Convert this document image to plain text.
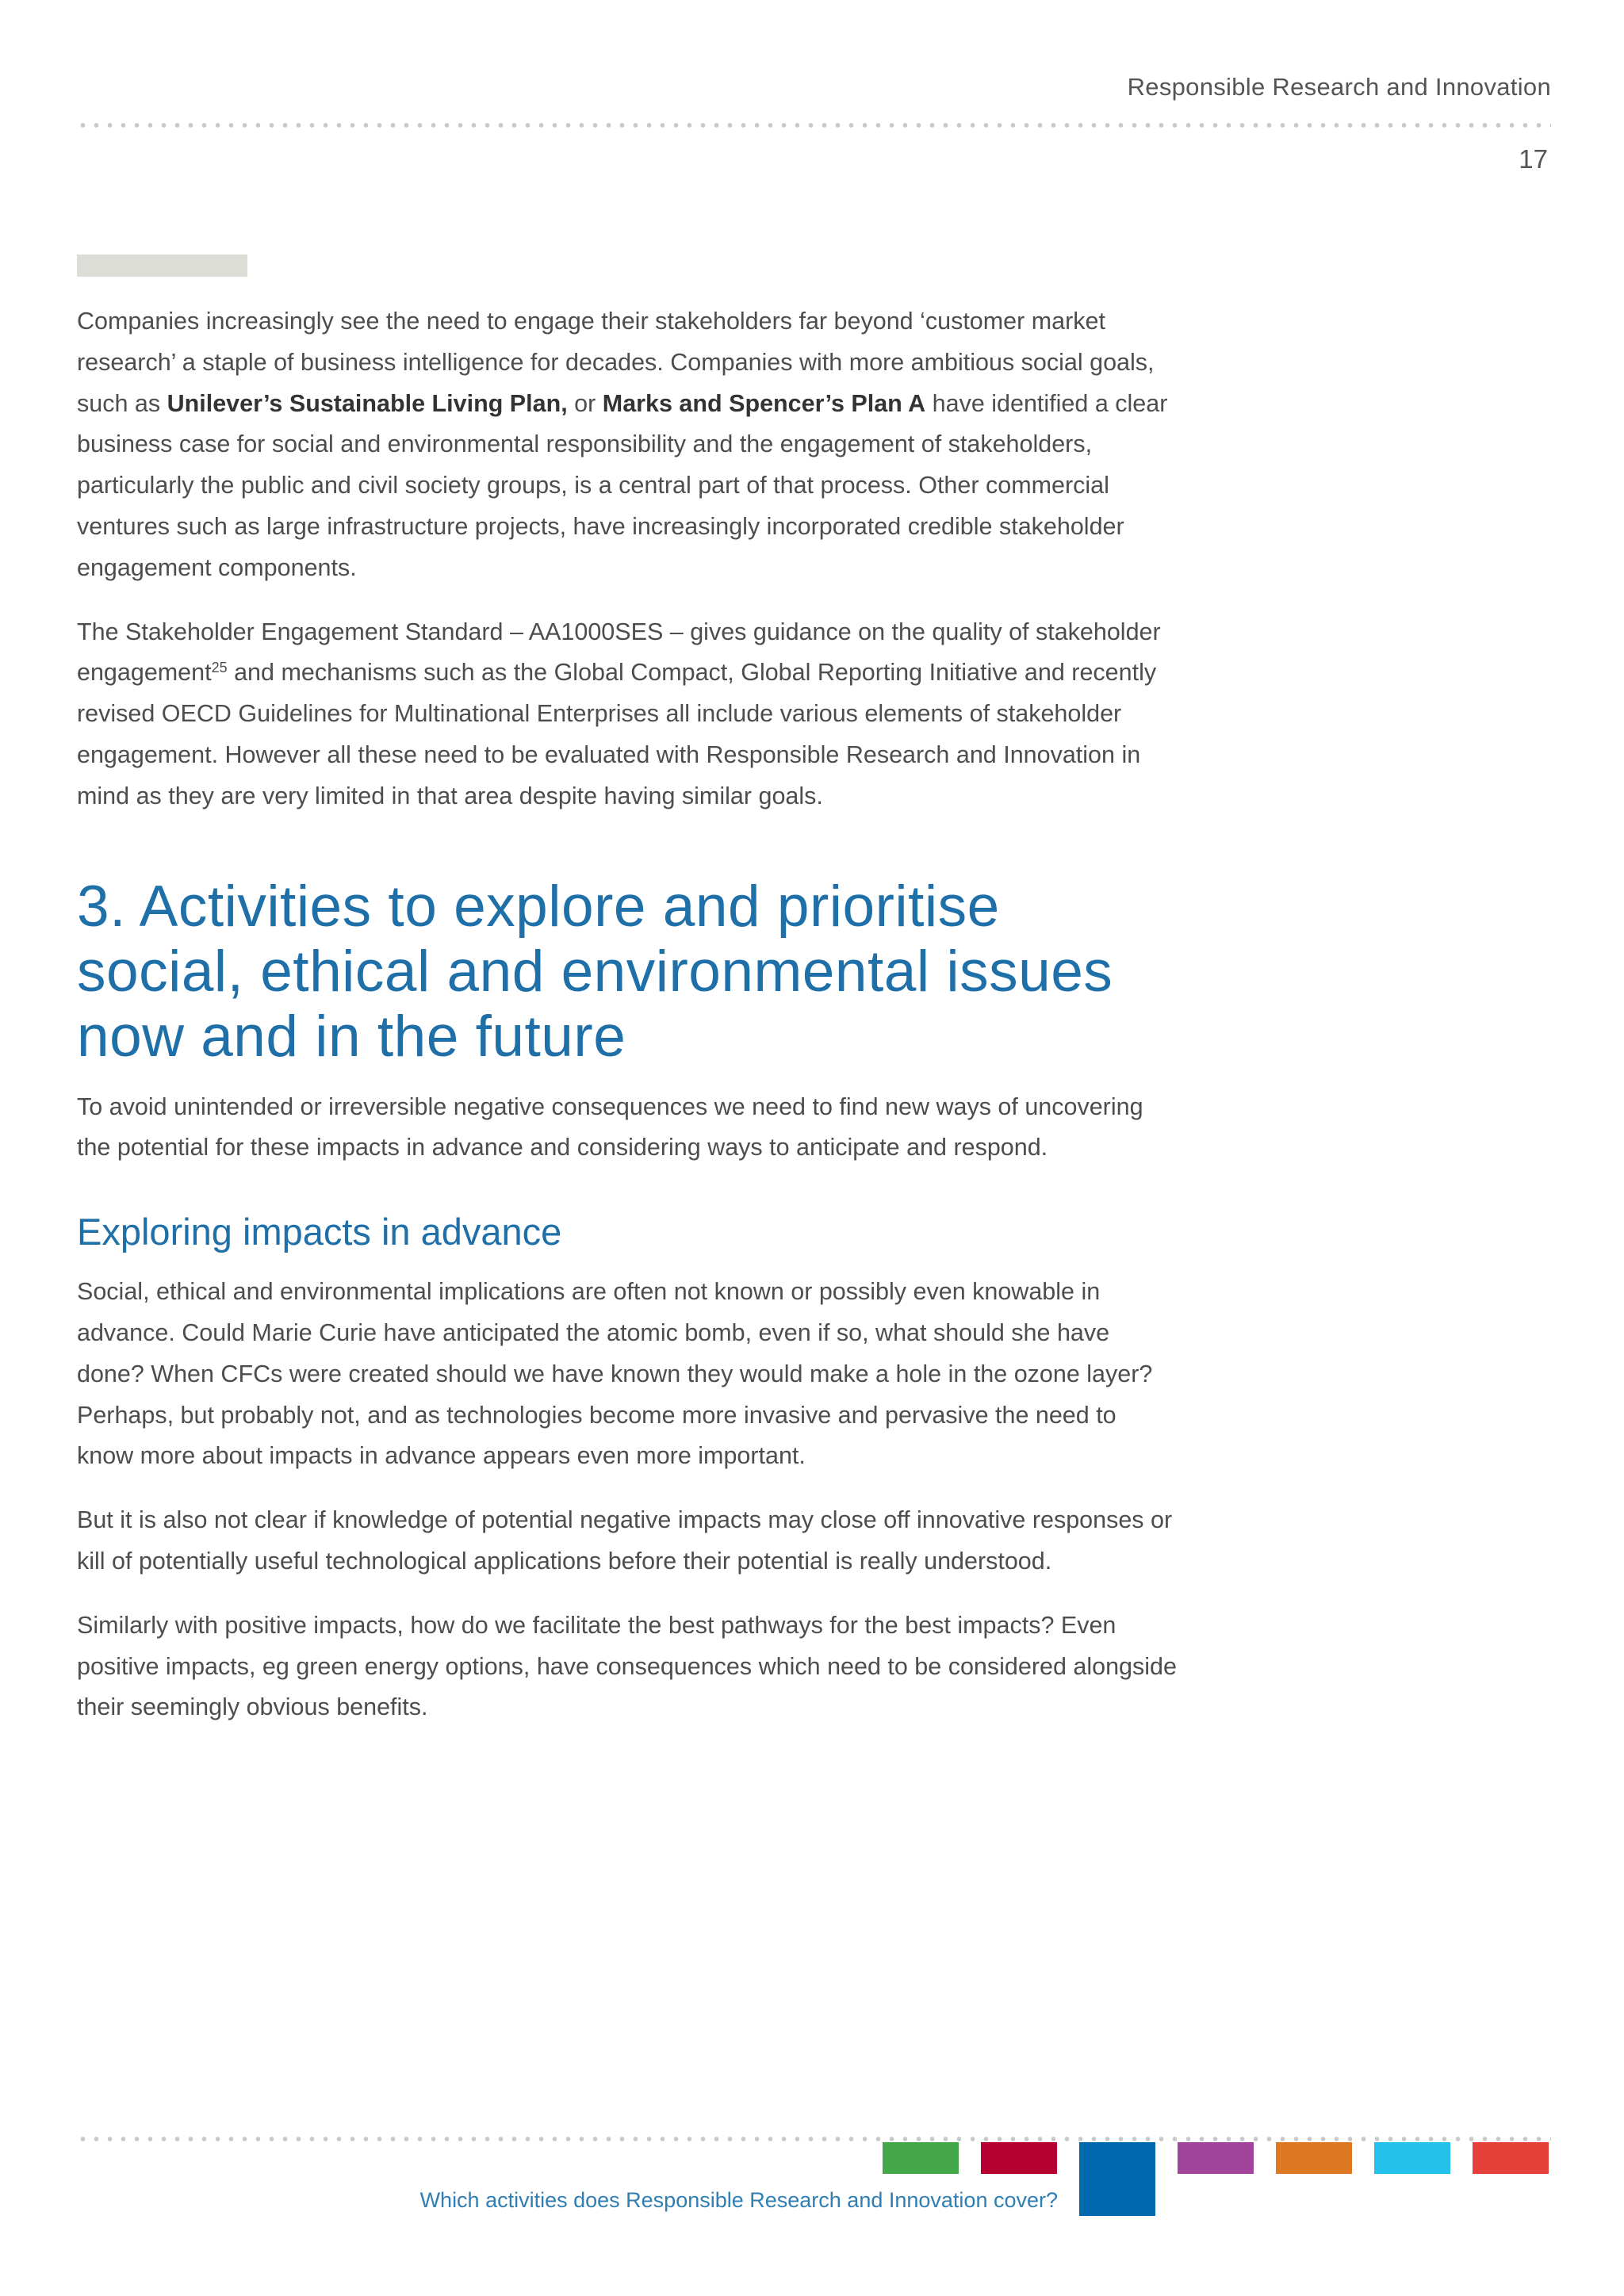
Responsible Research and Innovation
17

Companies increasingly see the need to engage their stakeholders far beyond ‘customer market research’ a staple of business intelligence for decades. Companies with more ambitious social goals, such as Unilever’s Sustainable Living Plan, or Marks and Spencer’s Plan A have identified a clear business case for social and environmental responsibility and the engagement of stakeholders, particularly the public and civil society groups, is a central part of that process. Other commercial ventures such as large infrastructure projects, have increasingly incorporated credible stakeholder engagement components.

The Stakeholder Engagement Standard – AA1000SES – gives guidance on the quality of stakeholder engagement$^{25}$ and mechanisms such as the Global Compact, Global Reporting Initiative and recently revised OECD Guidelines for Multinational Enterprises all include various elements of stakeholder engagement. However all these need to be evaluated with Responsible Research and Innovation in mind as they are very limited in that area despite having similar goals.

3. Activities to explore and prioritise social, ethical and environmental issues now and in the future

To avoid unintended or irreversible negative consequences we need to find new ways of uncovering the potential for these impacts in advance and considering ways to anticipate and respond.

Exploring impacts in advance

Social, ethical and environmental implications are often not known or possibly even knowable in advance. Could Marie Curie have anticipated the atomic bomb, even if so, what should she have done? When CFCs were created should we have known they would make a hole in the ozone layer? Perhaps, but probably not, and as technologies become more invasive and pervasive the need to know more about impacts in advance appears even more important.

But it is also not clear if knowledge of potential negative impacts may close off innovative responses or kill of potentially useful technological applications before their potential is really understood.

Similarly with positive impacts, how do we facilitate the best pathways for the best impacts? Even positive impacts, eg green energy options, have consequences which need to be considered alongside their seemingly obvious benefits.

Which activities does Responsible Research and Innovation cover?
